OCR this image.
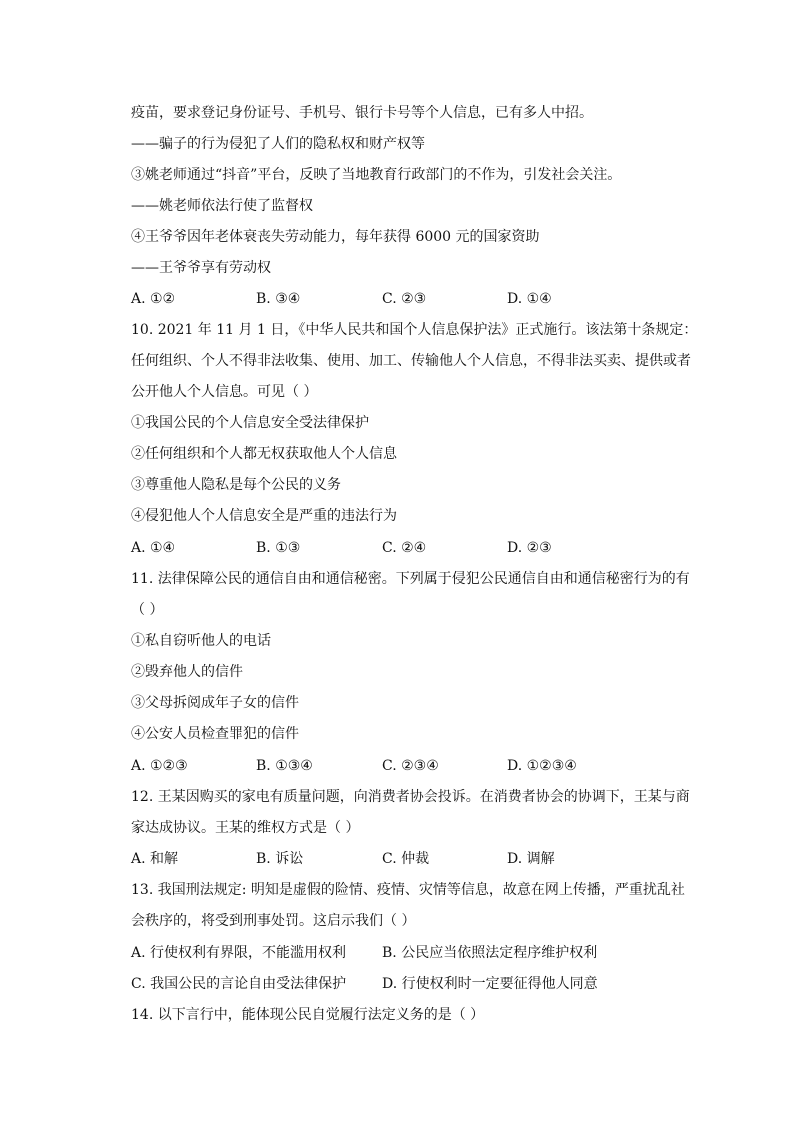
疫苗，要求登记身份证号、手机号、银行卡号等个人信息，已有多人中招。
——骗子的行为侵犯了人们的隐私权和财产权等
③姚老师通过“抖音”平台，反映了当地教育行政部门的不作为，引发社会关注。
——姚老师依法行使了监督权
④王爷爷因年老体衰丧失劳动能力，每年获得 6000 元的国家资助
——王爷爷享有劳动权
A. ①②	B. ③④	C. ②③	D. ①④
10. 2021 年 11 月 1 日，《中华人民共和国个人信息保护法》正式施行。该法第十条规定：
任何组织、个人不得非法收集、使用、加工、传输他人个人信息，不得非法买卖、提供或者
公开他人个人信息。可见（ ）
①我国公民的个人信息安全受法律保护
②任何组织和个人都无权获取他人个人信息
③尊重他人隐私是每个公民的义务
④侵犯他人个人信息安全是严重的违法行为
A. ①④	B. ①③	C. ②④	D. ②③
11. 法律保障公民的通信自由和通信秘密。下列属于侵犯公民通信自由和通信秘密行为的有
（ ）
①私自窃听他人的电话
②毁弃他人的信件
③父母拆阅成年子女的信件
④公安人员检查罪犯的信件
A. ①②③	B. ①③④	C. ②③④	D. ①②③④
12. 王某因购买的家电有质量问题，向消费者协会投诉。在消费者协会的协调下，王某与商
家达成协议。王某的维权方式是（ ）
A. 和解	B. 诉讼	C. 仲裁	D. 调解
13. 我国刑法规定: 明知是虚假的险情、疫情、灾情等信息，故意在网上传播，严重扰乱社
会秩序的，将受到刑事处罚。这启示我们（ ）
A. 行使权利有界限，不能滥用权利	B. 公民应当依照法定程序维护权利
C. 我国公民的言论自由受法律保护	D. 行使权利时一定要征得他人同意
14. 以下言行中，能体现公民自觉履行法定义务的是（ ）
